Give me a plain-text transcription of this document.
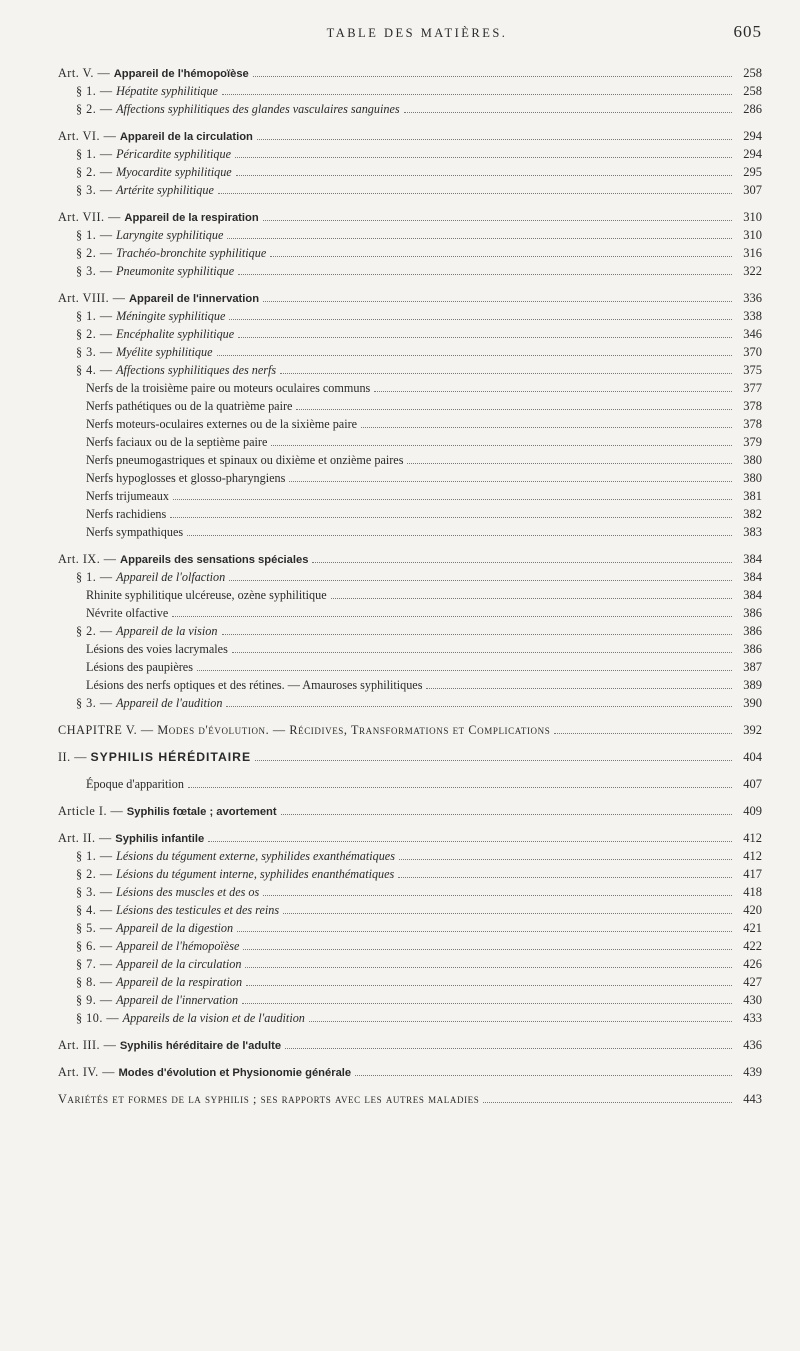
TABLE DES MATIÈRES.	605
Art. V. — Appareil de l'hémopoïèse	258
§ 1. — Hépatite syphilitique	258
§ 2. — Affections syphilitiques des glandes vasculaires sanguines	286
Art. VI. — Appareil de la circulation	294
§ 1. — Péricardite syphilitique	294
§ 2. — Myocardite syphilitique	295
§ 3. — Artérite syphilitique	307
Art. VII. — Appareil de la respiration	310
§ 1. — Laryngite syphilitique	310
§ 2. — Trachéo-bronchite syphilitique	316
§ 3. — Pneumonite syphilitique	322
Art. VIII. — Appareil de l'innervation	336
§ 1. — Méningite syphilitique	338
§ 2. — Encéphalite syphilitique	346
§ 3. — Myélite syphilitique	370
§ 4. — Affections syphilitiques des nerfs	375
Nerfs de la troisième paire ou moteurs oculaires communs	377
Nerfs pathétiques ou de la quatrième paire	378
Nerfs moteurs-oculaires externes ou de la sixième paire	378
Nerfs faciaux ou de la septième paire	379
Nerfs pneumogastriques et spinaux ou dixième et onzième paires	380
Nerfs hypoglosses et glosso-pharyngiens	380
Nerfs trijumeaux	381
Nerfs rachidiens	382
Nerfs sympathiques	383
Art. IX. — Appareils des sensations spéciales	384
§ 1. — Appareil de l'olfaction	384
Rhinite syphilitique ulcéreuse, ozène syphilitique	384
Névrite olfactive	386
§ 2. — Appareil de la vision	386
Lésions des voies lacrymales	386
Lésions des paupières	387
Lésions des nerfs optiques et des rétines. — Amauroses syphilitiques	389
§ 3. — Appareil de l'audition	390
CHAPITRE V. — Modes d'évolution. — Récidives, Transformations et Complications	392
II. — SYPHILIS HÉRÉDITAIRE	404
Époque d'apparition	407
Article I. — Syphilis fœtale ; avortement	409
Art. II. — Syphilis infantile	412
§ 1. — Lésions du tégument externe, syphilides exanthématiques	412
§ 2. — Lésions du tégument interne, syphilides enanthématiques	417
§ 3. — Lésions des muscles et des os	418
§ 4. — Lésions des testicules et des reins	420
§ 5. — Appareil de la digestion	421
§ 6. — Appareil de l'hémopoïèse	422
§ 7. — Appareil de la circulation	426
§ 8. — Appareil de la respiration	427
§ 9. — Appareil de l'innervation	430
§ 10. — Appareils de la vision et de l'audition	433
Art. III. — Syphilis héréditaire de l'adulte	436
Art. IV. — Modes d'évolution et Physionomie générale	439
Variétés et formes de la syphilis ; ses rapports avec les autres maladies	443
